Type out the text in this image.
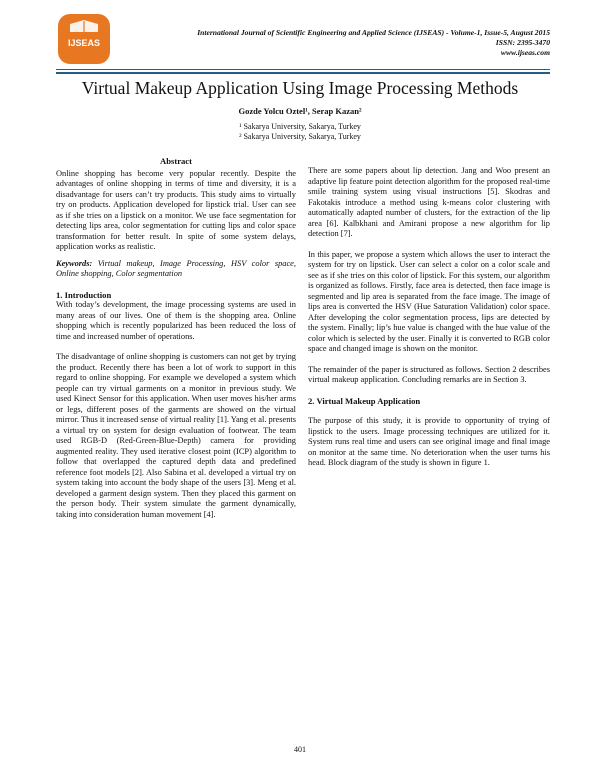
IJSEAS
International Journal of Scientific Engineering and Applied Science (IJSEAS) - Volume-1, Issue-5, August 2015
ISSN: 2395-3470
www.ijseas.com
Virtual Makeup Application Using Image Processing Methods
Gozde Yolcu Oztel¹, Serap Kazan²
¹ Sakarya University, Sakarya, Turkey
² Sakarya University, Sakarya, Turkey
Abstract

Online shopping has become very popular recently. Despite the advantages of online shopping in terms of time and diversity, it is a disadvantage for users can’t try products. This study aims to virtually try on products. Application developed for lipstick trial. User can see as if she tries on a lipstick on a monitor. We use face segmentation for detecting lips area, color segmentation for cutting lips and color space transformation for better result. In spite of some system delays, application works as realistic.

Keywords: Virtual makeup, Image Processing, HSV color space, Online shopping, Color segmentation

1. Introduction

With today’s development, the image processing systems are used in many areas of our lives. One of them is the shopping area. Online shopping which is recently popularized has been reduced the loss of time and increased number of operations.

The disadvantage of online shopping is customers can not get by trying the product. Recently there has been a lot of work to support in this regard to online shopping. For example we developed a system which people can try virtual garments on a monitor in previous study. We used Kinect Sensor for this application. When user moves his/her arms or legs, different poses of the garments are showed on the virtual mirror. Thus it increased sense of virtual reality [1]. Yang et al. presents a virtual try on system for design evaluation of footwear. The team used RGB-D (Red-Green-Blue-Depth) camera for providing augmented reality. They used iterative closest point (ICP) algorithm to follow that overlapped the captured depth data and predefined reference foot models [2]. Also Sabina et al. developed a virtual try on system taking into account the body shape of the users [3]. Meng et al. developed a garment design system. Then they placed this garment on the person body. Their system simulate the garment dynamically, taking into consideration human movement [4].

There are some papers about lip detection. Jang and Woo present an adaptive lip feature point detection algorithm for the proposed real-time smile training system using visual instructions [5]. Skodras and Fakotakis introduce a method using k-means color clustering with automatically adapted number of clusters, for the extraction of the lip area [6]. Kalbkhani and Amirani propose a new algorithm for lip detection [7].

In this paper, we propose a system which allows the user to interact the system for try on lipstick. User can select a color on a color scale and see as if she tries on this color of lipstick. For this system, our algorithm is organized as follows. Firstly, face area is detected, then face image is segmented and lip area is separated from the face image. The image of lips area is converted the HSV (Hue Saturation Validation) color space. After developing the color segmentation process, lips are detected by the system. Finally; lip’s hue value is changed with the hue value of the color which is selected by the user. Finally it is converted to RGB color space and changed image is shown on the monitor.

The remainder of the paper is structured as follows. Section 2 describes virtual makeup application. Concluding remarks are in Section 3.

2. Virtual Makeup Application

The purpose of this study, it is provide to opportunity of trying of lipstick to the users. Image processing techniques are utilized for it. System runs real time and users can see original image and final image on monitor at the same time. No deterioration when the user turns his head. Block diagram of the study is shown in figure 1.

401
